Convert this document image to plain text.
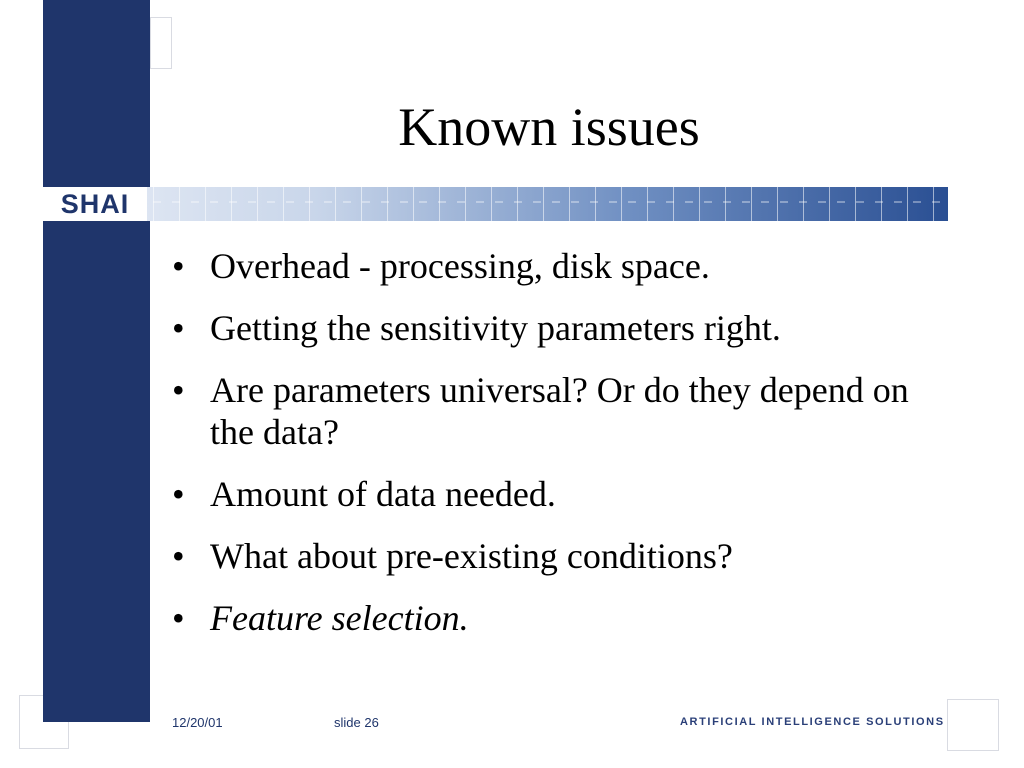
SHAI
Known issues
• Overhead - processing, disk space.
• Getting the sensitivity parameters right.
• Are parameters universal? Or do they depend on the data?
• Amount of data needed.
• What about pre-existing conditions?
• Feature selection.
12/20/01	slide 26	ARTIFICIAL INTELLIGENCE SOLUTIONS
